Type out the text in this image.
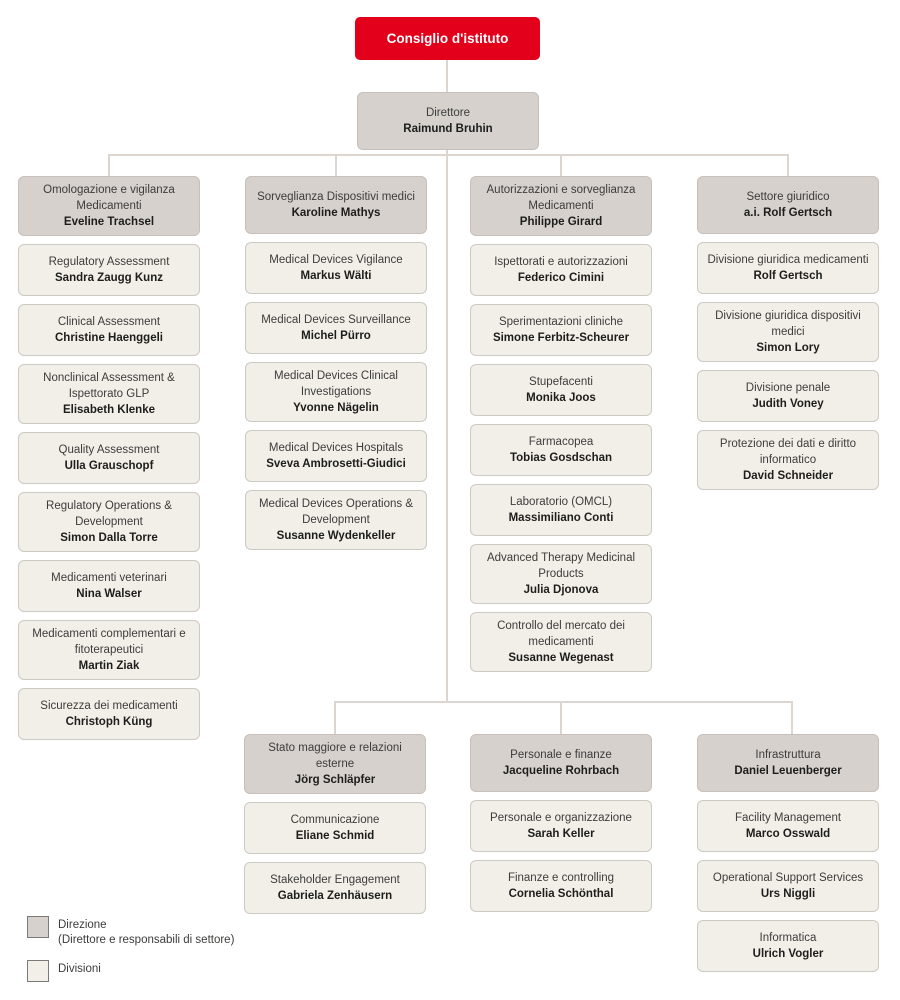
Consiglio d'istituto
Direttore
Raimund Bruhin
Omologazione e vigilanza Medicamenti
Eveline Trachsel
Regulatory Assessment
Sandra Zaugg Kunz
Clinical Assessment
Christine Haenggeli
Nonclinical Assessment & Ispettorato GLP
Elisabeth Klenke
Quality Assessment
Ulla Grauschopf
Regulatory Operations & Development
Simon Dalla Torre
Medicamenti veterinari
Nina Walser
Medicamenti complementari e fitoterapeutici
Martin Ziak
Sicurezza dei medicamenti
Christoph Küng
Sorveglianza Dispositivi medici
Karoline Mathys
Medical Devices Vigilance
Markus Wälti
Medical Devices Surveillance
Michel Pürro
Medical Devices Clinical Investigations
Yvonne Nägelin
Medical Devices Hospitals
Sveva Ambrosetti-Giudici
Medical Devices Operations & Development
Susanne Wydenkeller
Autorizzazioni e sorveglianza Medicamenti
Philippe Girard
Ispettorati e autorizzazioni
Federico Cimini
Sperimentazioni cliniche
Simone Ferbitz-Scheurer
Stupefacenti
Monika Joos
Farmacopea
Tobias Gosdschan
Laboratorio (OMCL)
Massimiliano Conti
Advanced Therapy Medicinal Products
Julia Djonova
Controllo del mercato dei medicamenti
Susanne Wegenast
Settore giuridico
a.i. Rolf Gertsch
Divisione giuridica medicamenti
Rolf Gertsch
Divisione giuridica dispositivi medici
Simon Lory
Divisione penale
Judith Voney
Protezione dei dati e diritto informatico
David Schneider
Stato maggiore e relazioni esterne
Jörg Schläpfer
Communicazione
Eliane Schmid
Stakeholder Engagement
Gabriela Zenhäusern
Personale e finanze
Jacqueline Rohrbach
Personale e organizzazione
Sarah Keller
Finanze e controlling
Cornelia Schönthal
Infrastruttura
Daniel Leuenberger
Facility Management
Marco Osswald
Operational Support Services
Urs Niggli
Informatica
Ulrich Vogler
Direzione
(Direttore e responsabili di settore)
Divisioni
